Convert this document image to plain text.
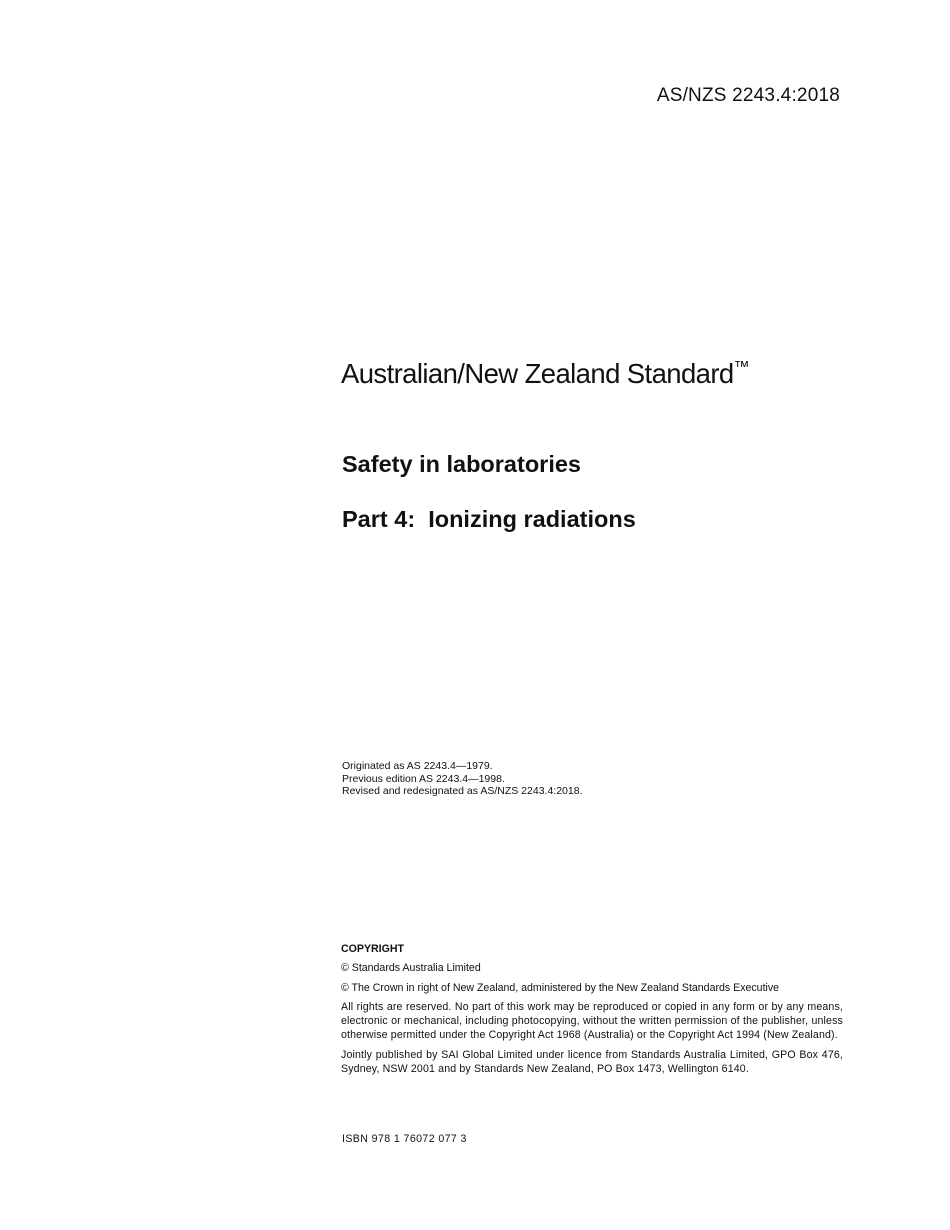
AS/NZS 2243.4:2018
Australian/New Zealand Standard™
Safety in laboratories
Part 4:  Ionizing radiations
Originated as AS 2243.4—1979.
Previous edition AS 2243.4—1998.
Revised and redesignated as AS/NZS 2243.4:2018.
COPYRIGHT

© Standards Australia Limited

© The Crown in right of New Zealand, administered by the New Zealand Standards Executive

All rights are reserved. No part of this work may be reproduced or copied in any form or by any means, electronic or mechanical, including photocopying, without the written permission of the publisher, unless otherwise permitted under the Copyright Act 1968 (Australia) or the Copyright Act 1994 (New Zealand).

Jointly published by SAI Global Limited under licence from Standards Australia Limited, GPO Box 476, Sydney, NSW 2001 and by Standards New Zealand, PO Box 1473, Wellington 6140.

ISBN 978 1 76072 077 3
